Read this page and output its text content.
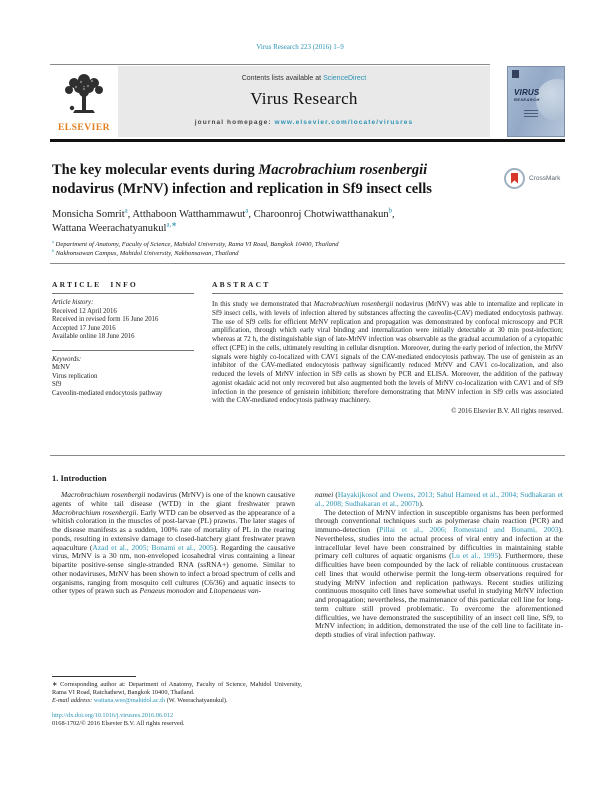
Virus Research 223 (2016) 1–9
ELSEVIER
Contents lists available at ScienceDirect
Virus Research
journal homepage: www.elsevier.com/locate/virusres
VIRUS
RESEARCH
The key molecular events during Macrobrachium rosenbergii
nodavirus (MrNV) infection and replication in Sf9 insect cells
CrossMark
Monsicha Somrit$^a$, Atthaboon Watthammawut$^a$, Charoonroj Chotwiwatthanakun$^b$,
Wattana Weerachatyanukul$^{a,∗}$
$^a$ Department of Anatomy, Faculty of Science, Mahidol University, Rama VI Road, Bangkok 10400, Thailand
$^b$ Nakhonsawan Campus, Mahidol University, Nakhonsawan, Thailand
ARTICLE INFO
Article history:
Received 12 April 2016
Received in revised form 16 June 2016
Accepted 17 June 2016
Available online 18 June 2016
Keywords:
MrNV
Virus replication
Sf9
Caveolin-mediated endocytosis pathway
ABSTRACT
In this study we demonstrated that Macrobrachium rosenbergii nodavirus (MrNV) was able to internalize and replicate in Sf9 insect cells, with levels of infection altered by substances affecting the caveolin-(CAV) mediated endocytosis pathway. The use of Sf9 cells for efficient MrNV replication and propagation was demonstrated by confocal microscopy and PCR amplification, through which early viral binding and internalization were initially detectable at 30 min post-infection; whereas at 72 h, the distinguishable sign of late-MrNV infection was observable as the gradual accumulation of a cytopathic effect (CPE) in the cells, ultimately resulting in cellular disruption. Moreover, during the early period of infection, the MrNV signals were highly co-localized with CAV1 signals of the CAV-mediated endocytosis pathway. The use of genistein as an inhibitor of the CAV-mediated endocytosis pathway significantly reduced MrNV and CAV1 co-localization, and also reduced the levels of MrNV infection in Sf9 cells as shown by PCR and ELISA. Moreover, the addition of the pathway agonist okadaic acid not only recovered but also augmented both the levels of MrNV co-localization with CAV1 and of Sf9 infection in the presence of genistein inhibition; therefore demonstrating that MrNV infection in Sf9 cells was associated with the CAV-mediated endocytosis pathway machinery.
© 2016 Elsevier B.V. All rights reserved.
1. Introduction

Macrobrachium rosenbergii nodavirus (MrNV) is one of the known causative agents of white tail disease (WTD) in the giant freshwater prawn Macrobrachium rosenbergii. Early WTD can be observed as the appearance of a whitish coloration in the muscles of post-larvae (PL) prawns. The later stages of the disease manifests as a sudden, 100% rate of mortality of PL in the rearing ponds, resulting in extensive damage to closed-hatchery giant freshwater prawn aquaculture (Azad et al., 2005; Bonami et al., 2005). Regarding the causative virus, MrNV is a 30 nm, non-enveloped icosahedral virus containing a linear bipartite positive-sense single-stranded RNA (ssRNA+) genome. Similar to other nodaviruses, MrNV has been shown to infect a broad spectrum of cells and organisms, ranging from mosquito cell cultures (C6/36) and aquatic insects to other types of prawn such as Penaeus monodon and Litopenaeus van-

namei (Hayakijkosol and Owens, 2013; Sahul Hameed et al., 2004; Sudhakaran et al., 2008; Sudhakaran et al., 2007b).

The detection of MrNV infection in susceptible organisms has been performed through conventional techniques such as polymerase chain reaction (PCR) and immuno-detection (Pillai et al., 2006; Romestand and Bonami, 2003). Nevertheless, studies into the actual process of viral entry and infection at the intracellular level have been constrained by difficulties in maintaining stable primary cell cultures of aquatic organisms (Lu et al., 1995). Furthermore, these difficulties have been compounded by the lack of reliable continuous crustacean cell lines that would otherwise permit the long-term observations required for studying MrNV infection and replication pathways. Recent studies utilizing continuous mosquito cell lines have somewhat useful in studying MrNV infection and propagation; nevertheless, the maintenance of this particular cell line for long-term culture still proved problematic. To overcome the aforementioned difficulties, we have demonstrated the susceptibility of an insect cell line, Sf9, to MrNV infection; in addition, demonstrated the use of the cell line to facilitate in-depth studies of viral infection pathway.

∗ Corresponding author at: Department of Anatomy, Faculty of Science, Mahidol University, Rama VI Road, Ratchathewi, Bangkok 10400, Thailand.
E-mail address: wattana.wee@mahidol.ac.th (W. Weerachatyanukul).
http://dx.doi.org/10.1016/j.virusres.2016.06.012
0168-1702/© 2016 Elsevier B.V. All rights reserved.
